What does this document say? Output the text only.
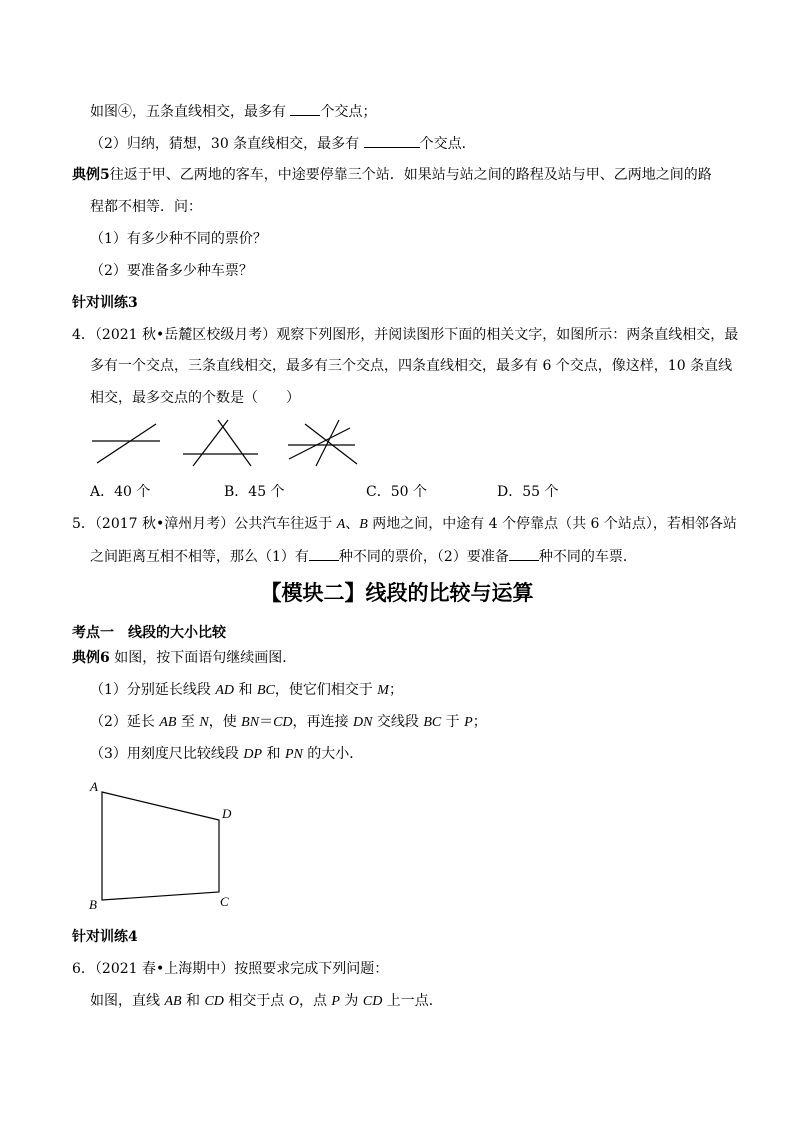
如图④，五条直线相交，最多有 个交点；
（2）归纳，猜想，30 条直线相交，最多有	个交点．
典例5往返于甲、乙两地的客车，中途要停靠三个站．如果站与站之间的路程及站与甲、乙两地之间的路
程都不相等．问：
（1）有多少种不同的票价？
（2）要准备多少种车票？
针对训练3
4．（2021 秋•岳麓区校级月考）观察下列图形，并阅读图形下面的相关文字，如图所示：两条直线相交，最
多有一个交点，三条直线相交，最多有三个交点，四条直线相交，最多有 6 个交点，像这样，10 条直线
相交，最多交点的个数是（　　）
A．40 个	B．45 个	C．50 个	D．55 个
5．（2017 秋•漳州月考）公共汽车往返于 A、B 两地之间，中途有 4 个停靠点（共 6 个站点），若相邻各站
之间距离互相不相等，那么（1）有 种不同的票价，（2）要准备 种不同的车票．
【模块二】线段的比较与运算
考点一　线段的大小比较
典例6 如图，按下面语句继续画图．
（1）分别延长线段 AD 和 BC，使它们相交于 M；
（2）延长 AB 至 N，使 BN＝CD，再连接 DN 交线段 BC 于 P；
（3）用刻度尺比较线段 DP 和 PN 的大小．
A
D
C
B
针对训练4
6．（2021 春•上海期中）按照要求完成下列问题：
如图，直线 AB 和 CD 相交于点 O，点 P 为 CD 上一点．
